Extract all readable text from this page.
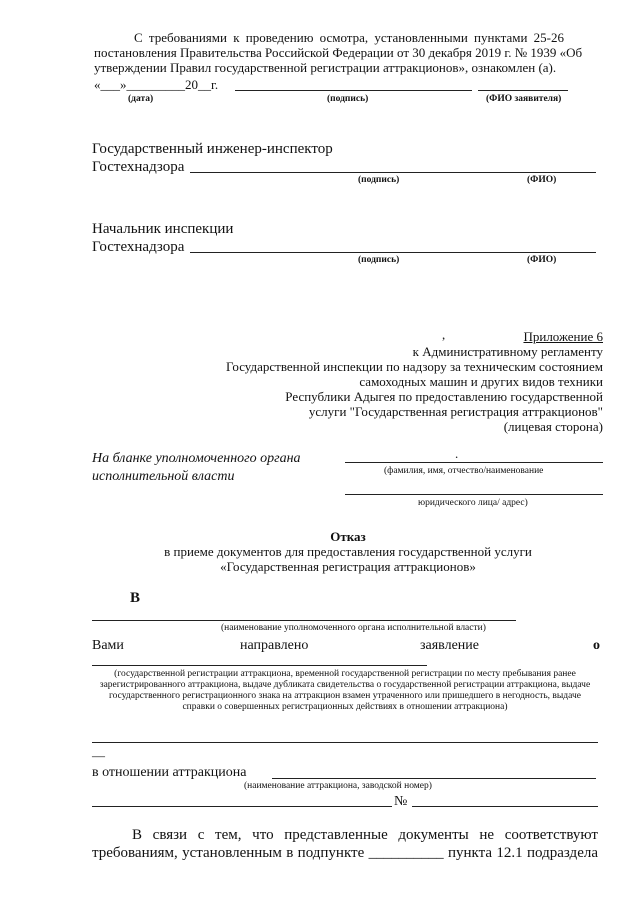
С требованиями к проведению осмотра, установленными пунктами 25-26
постановления Правительства Российской Федерации от 30 декабря 2019 г. № 1939 «Об
утверждении Правил государственной регистрации аттракционов», ознакомлен (а).
«___»_________20__г.
(дата)	(подпись)	(ФИО заявителя)
Государственный инженер-инспектор
Гостехнадзора
(подпись)	(ФИО)
Начальник инспекции
Гостехнадзора
(подпись)	(ФИО)
,	Приложение 6
к Административному регламенту
Государственной инспекции по надзору за техническим состоянием
самоходных машин и других видов техники
Республики Адыгея по предоставлению государственной
услуги "Государственная регистрация аттракционов"
(лицевая сторона)
На бланке уполномоченного органа
исполнительной власти
.
(фамилия, имя, отчество/наименование
юридического лица/ адрес)
Отказ
в приеме документов для предоставления государственной услуги
«Государственная регистрация аттракционов»
В
(наименование уполномоченного органа исполнительной власти)
Вами	направлено	заявление	о
(государственной регистрации аттракциона, временной государственной регистрации по месту пребывания ранее зарегистрированного аттракциона, выдаче дубликата свидетельства о государственной регистрации аттракциона, выдаче государственного регистрационного знака на аттракцион взамен утраченного или пришедшего в негодность, выдаче справки о совершенных регистрационных действиях в отношении аттракциона)
—
в отношении аттракциона
(наименование аттракциона, заводской номер)
№
В связи с тем, что представленные документы не соответствуют
требованиям, установленным в подпункте __________ пункта 12.1 подраздела
